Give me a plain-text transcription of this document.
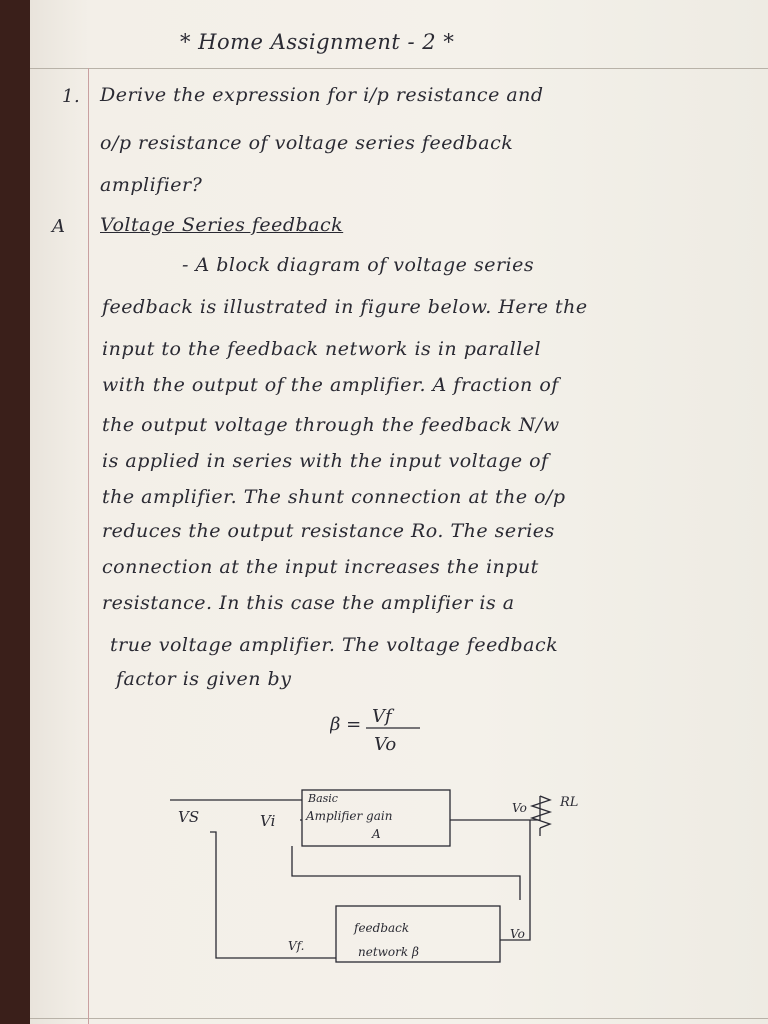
* Home Assignment - 2 *
1. Derive the expression for i/p resistance and
o/p resistance of voltage series feedback
amplifier?
A Voltage Series feedback
- A block diagram of voltage series
feedback is illustrated in figure below. Here the
input to the feedback network is in parallel
with the output of the amplifier. A fraction of
the output voltage through the feedback N/w
is applied in series with the input voltage of
the amplifier. The shunt connection at the o/p
reduces the output resistance Ro. The series
connection at the input increases the input
resistance. In this case the amplifier is a
true voltage amplifier. The voltage feedback
factor is given by
β = Vf
Vo
VS	Vi
Basic
Amplifier gain
A
Vo	RL
feedback
network β
Vf.
Vo
